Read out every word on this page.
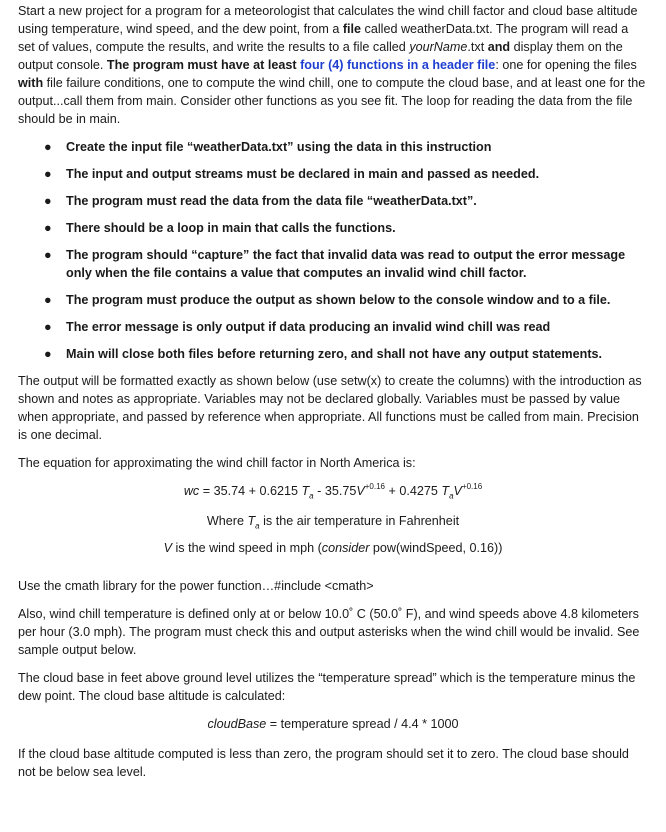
Start a new project for a program for a meteorologist that calculates the wind chill factor and cloud base altitude using temperature, wind speed, and the dew point, from a file called weatherData.txt. The program will read a set of values, compute the results, and write the results to a file called yourName.txt and display them on the output console. The program must have at least four (4) functions in a header file: one for opening the files with file failure conditions, one to compute the wind chill, one to compute the cloud base, and at least one for the output...call them from main. Consider other functions as you see fit. The loop for reading the data from the file should be in main.

● Create the input file “weatherData.txt” using the data in this instruction
● The input and output streams must be declared in main and passed as needed.
● The program must read the data from the data file “weatherData.txt”.
● There should be a loop in main that calls the functions.
● The program should “capture” the fact that invalid data was read to output the error message only when the file contains a value that computes an invalid wind chill factor.
● The program must produce the output as shown below to the console window and to a file.
● The error message is only output if data producing an invalid wind chill was read
● Main will close both files before returning zero, and shall not have any output statements.

The output will be formatted exactly as shown below (use setw(x) to create the columns) with the introduction as shown and notes as appropriate. Variables may not be declared globally. Variables must be passed by value when appropriate, and passed by reference when appropriate. All functions must be called from main. Precision is one decimal.

The equation for approximating the wind chill factor in North America is:

wc = 35.74 + 0.6215 $T_a - 35.75V^{+0.16} + 0.4275$ $T_aV^{+0.16}$

Where $T_a$ is the air temperature in Fahrenheit

V is the wind speed in mph (consider pow(windSpeed, 0.16))

Use the cmath library for the power function…#include <cmath>

Also, wind chill temperature is defined only at or below 10.0˚ C (50.0˚ F), and wind speeds above 4.8 kilometers per hour (3.0 mph). The program must check this and output asterisks when the wind chill would be invalid. See sample output below.

The cloud base in feet above ground level utilizes the “temperature spread” which is the temperature minus the dew point. The cloud base altitude is calculated:

cloudBase = temperature spread / 4.4 * 1000

If the cloud base altitude computed is less than zero, the program should set it to zero. The cloud base should not be below sea level.
